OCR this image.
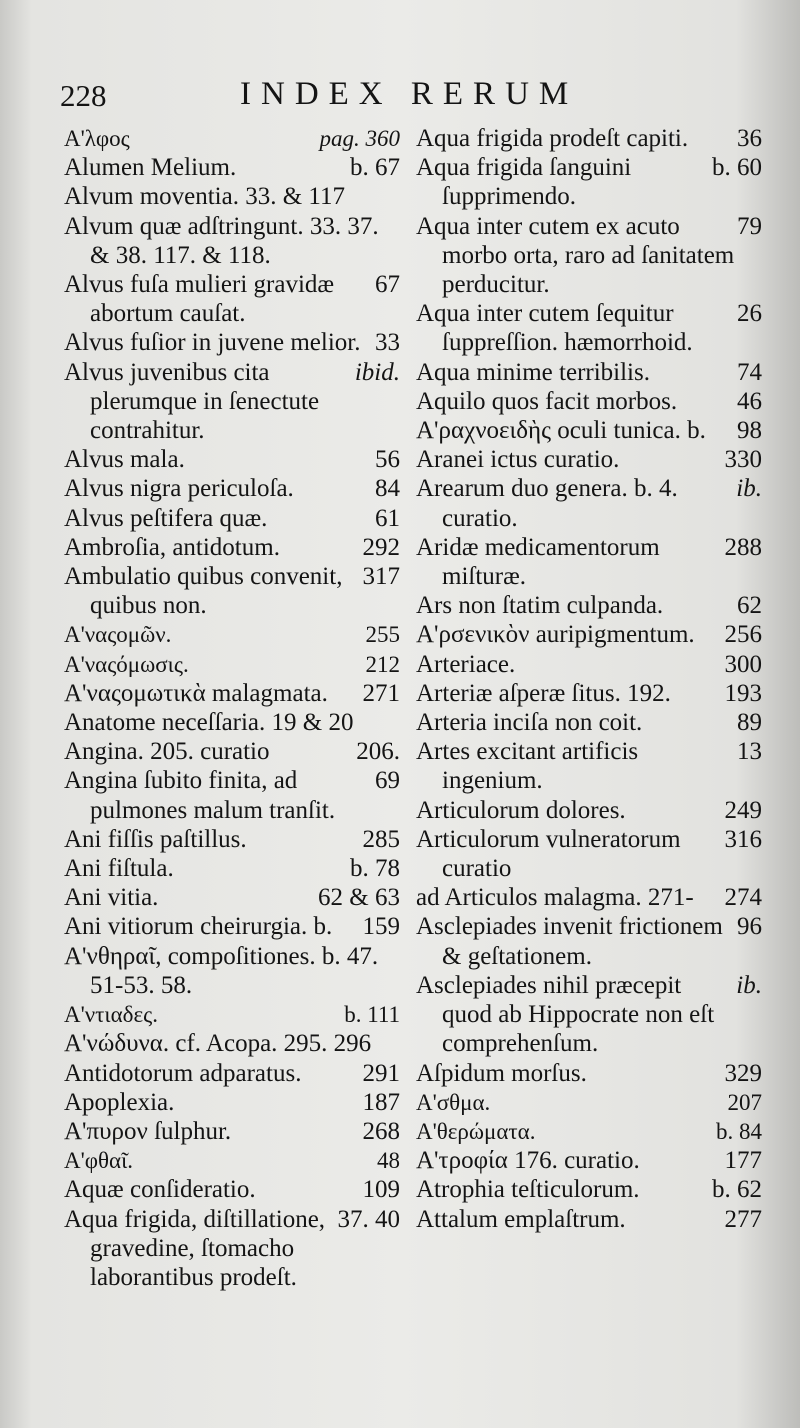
228	INDEX RERUM
pag. 360
Α'λφος
b. 67
Alumen Melium.
Alvum moventia. 33. & 117
Alvum quæ adſtringunt. 33. 37. & 38. 117. & 118.
67
Alvus fuſa mulieri gravidæ abortum cauſat.
33
Alvus fuſior in juvene melior.
ibid.
Alvus juvenibus cita plerumque in ſenectute contrahitur.
56
Alvus mala.
84
Alvus nigra periculoſa.
61
Alvus peſtifera quæ.
292
Ambroſia, antidotum.
317
Ambulatio quibus convenit, quibus non.
255
Α'ναςομῶν.
212
Α'ναςόμωσις.
271
Α'ναςομωτικὰ malagmata.
Anatome neceſſaria. 19 & 20
206.
Angina. 205. curatio
69
Angina ſubito finita, ad pulmones malum tranſit.
285
Ani fiſſis paſtillus.
b. 78
Ani fiſtula.
62 & 63
Ani vitia.
159
Ani vitiorum cheirurgia. b.
Α'νθηρα̃ι, compoſitiones. b. 47. 51-53. 58.
b. 111
Α'ντιαδες.
Α'νώδυνα. cf. Acopa. 295. 296
291
Antidotorum adparatus.
187
Apoplexia.
268
Α'πυρον ſulphur.
48
Α'φθα̃ι.
109
Aquæ conſideratio.
37. 40
Aqua frigida, diſtillatione, gravedine, ſtomacho laborantibus prodeſt.
36
Aqua frigida prodeſt capiti.
b. 60
Aqua frigida ſanguini ſupprimendo.
79
Aqua inter cutem ex acuto morbo orta, raro ad ſanitatem perducitur.
26
Aqua inter cutem ſequitur ſuppreſſion. hæmorrhoid.
74
Aqua minime terribilis.
46
Aquilo quos facit morbos.
98
Α'ραχνοειδὴς oculi tunica. b.
330
Aranei ictus curatio.
ib.
Arearum duo genera. b. 4. curatio.
288
Aridæ medicamentorum miſturæ.
62
Ars non ſtatim culpanda.
256
Α'ρσενικὸν auripigmentum.
300
Arteriace.
193
Arteriæ aſperæ ſitus. 192.
89
Arteria inciſa non coit.
13
Artes excitant artificis ingenium.
249
Articulorum dolores.
316
Articulorum vulneratorum curatio
274
ad Articulos malagma. 271-
96
Asclepiades invenit frictionem & geſtationem.
ib.
Asclepiades nihil præcepit quod ab Hippocrate non eſt comprehenſum.
329
Aſpidum morſus.
207
Α'σθμα.
b. 84
Α'θερώματα.
177
Α'τροφία 176. curatio.
b. 62
Atrophia teſticulorum.
277
Attalum emplaſtrum.
